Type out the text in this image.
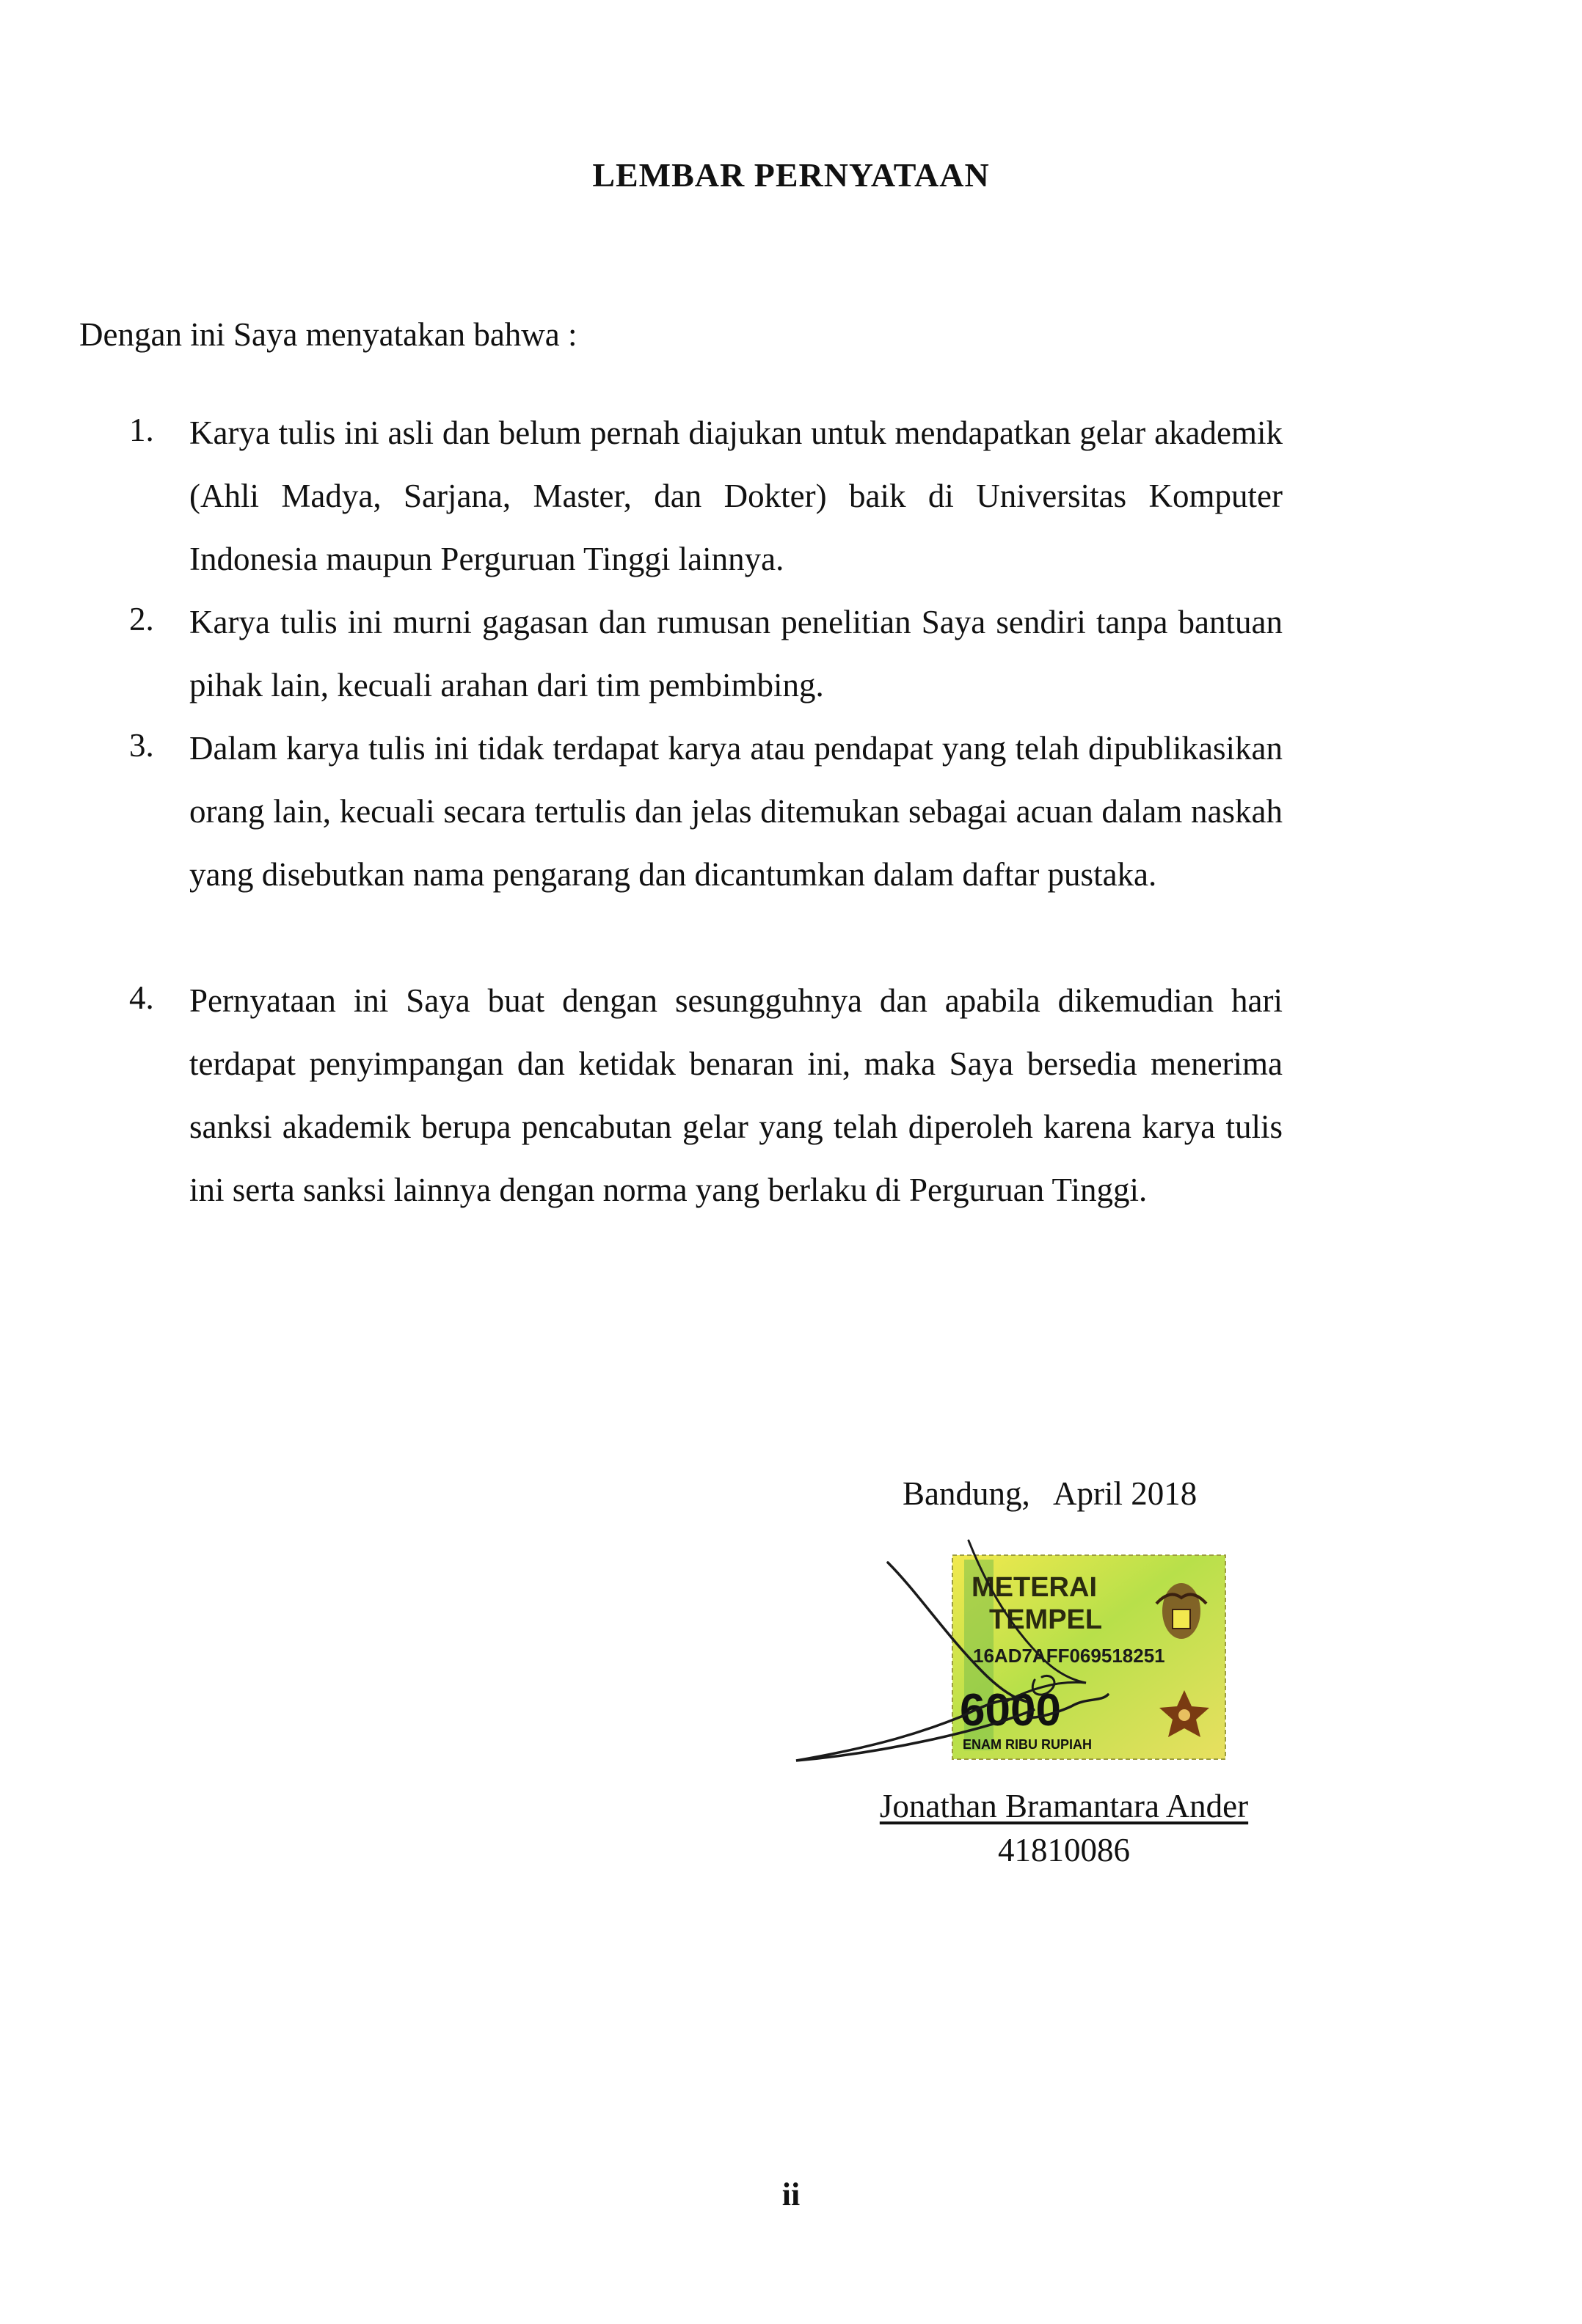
LEMBAR PERNYATAAN
Dengan ini Saya menyatakan bahwa :
1.	Karya tulis ini asli dan belum pernah diajukan untuk mendapatkan gelar akademik (Ahli Madya, Sarjana, Master, dan Dokter) baik di Universitas Komputer Indonesia maupun Perguruan Tinggi lainnya.
2.	Karya tulis ini murni gagasan dan rumusan penelitian Saya sendiri tanpa bantuan pihak lain, kecuali arahan dari tim pembimbing.
3.	Dalam karya tulis ini tidak terdapat karya atau pendapat yang telah dipublikasikan orang lain, kecuali secara tertulis dan jelas ditemukan sebagai acuan dalam naskah yang disebutkan nama pengarang dan dicantumkan dalam daftar pustaka.
4.	Pernyataan ini Saya buat dengan sesungguhnya dan apabila dikemudian hari terdapat penyimpangan dan ketidak benaran ini, maka Saya bersedia menerima sanksi akademik berupa pencabutan gelar yang telah diperoleh karena karya tulis ini serta sanksi lainnya dengan norma yang berlaku di Perguruan Tinggi.
Bandung,   April 2018
METERAI
TEMPEL
16AD7AFF069518251
6000
ENAM RIBU RUPIAH
Jonathan Bramantara Ander
41810086
ii
